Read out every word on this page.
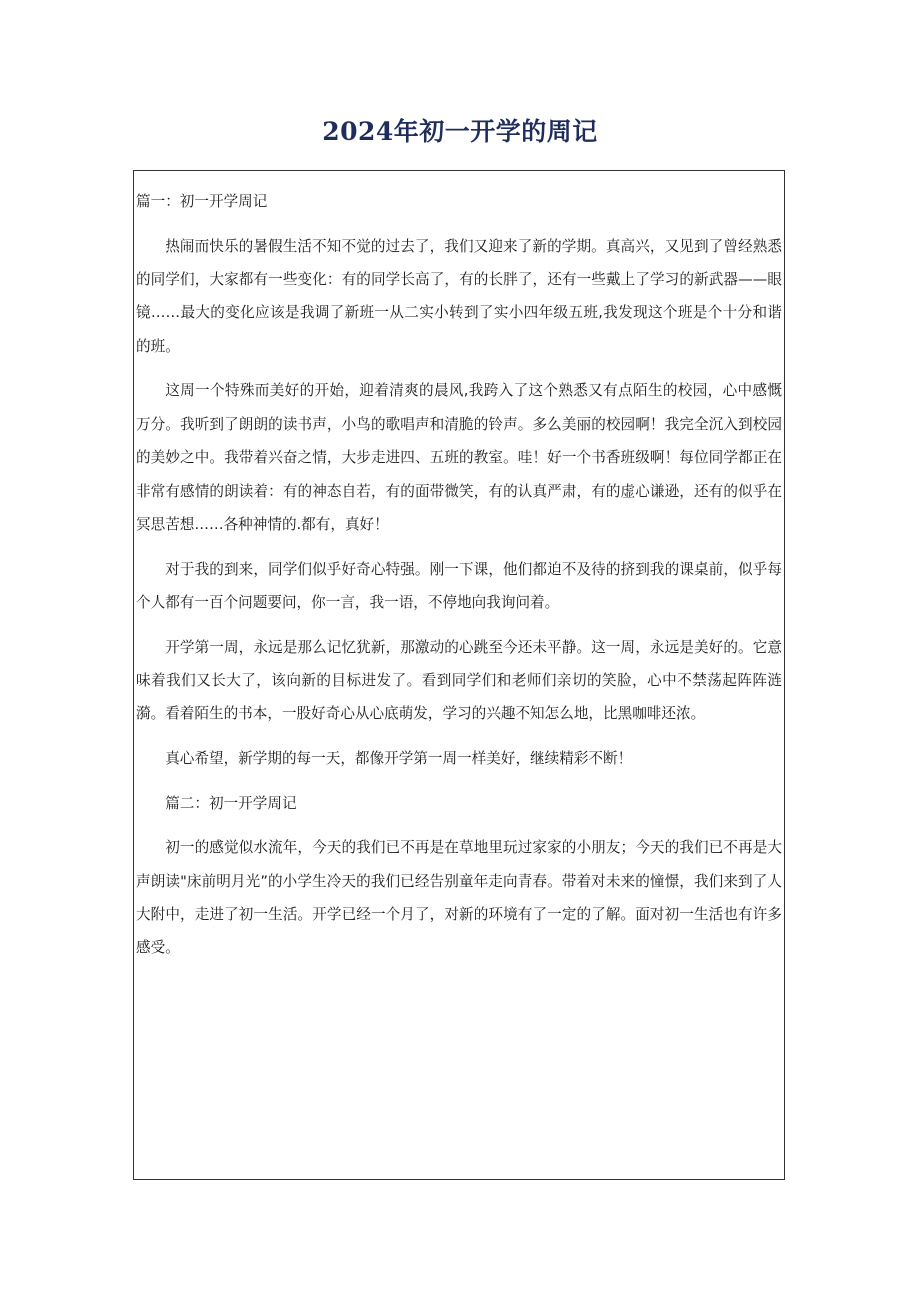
2024年初一开学的周记

篇一：初一开学周记

热闹而快乐的暑假生活不知不觉的过去了，我们又迎来了新的学期。真高兴，又见到了曾经熟悉的同学们，大家都有一些变化：有的同学长高了，有的长胖了，还有一些戴上了学习的新武器——眼镜……最大的变化应该是我调了新班一从二实小转到了实小四年级五班,我发现这个班是个十分和谐的班。

这周一个特殊而美好的开始，迎着清爽的晨风,我跨入了这个熟悉又有点陌生的校园，心中感慨万分。我听到了朗朗的读书声，小鸟的歌唱声和清脆的铃声。多么美丽的校园啊！我完全沉入到校园的美妙之中。我带着兴奋之情，大步走进四、五班的教室。哇！好一个书香班级啊！每位同学都正在非常有感情的朗读着：有的神态自若，有的面带微笑，有的认真严肃，有的虚心谦逊，还有的似乎在冥思苦想……各种神情的.都有，真好！

对于我的到来，同学们似乎好奇心特强。刚一下课，他们都迫不及待的挤到我的课桌前，似乎每个人都有一百个问题要问，你一言，我一语，不停地向我询问着。

开学第一周，永远是那么记忆犹新，那激动的心跳至今还未平静。这一周，永远是美好的。它意味着我们又长大了，该向新的目标进发了。看到同学们和老师们亲切的笑脸，心中不禁荡起阵阵涟漪。看着陌生的书本，一股好奇心从心底萌发，学习的兴趣不知怎么地，比黑咖啡还浓。

真心希望，新学期的每一天，都像开学第一周一样美好，继续精彩不断！

篇二：初一开学周记

初一的感觉似水流年，今天的我们已不再是在草地里玩过家家的小朋友；今天的我们已不再是大声朗读"床前明月光”的小学生冷天的我们已经告别童年走向青春。带着对未来的憧憬，我们来到了人大附中，走进了初一生活。开学已经一个月了，对新的环境有了一定的了解。面对初一生活也有许多感受。
